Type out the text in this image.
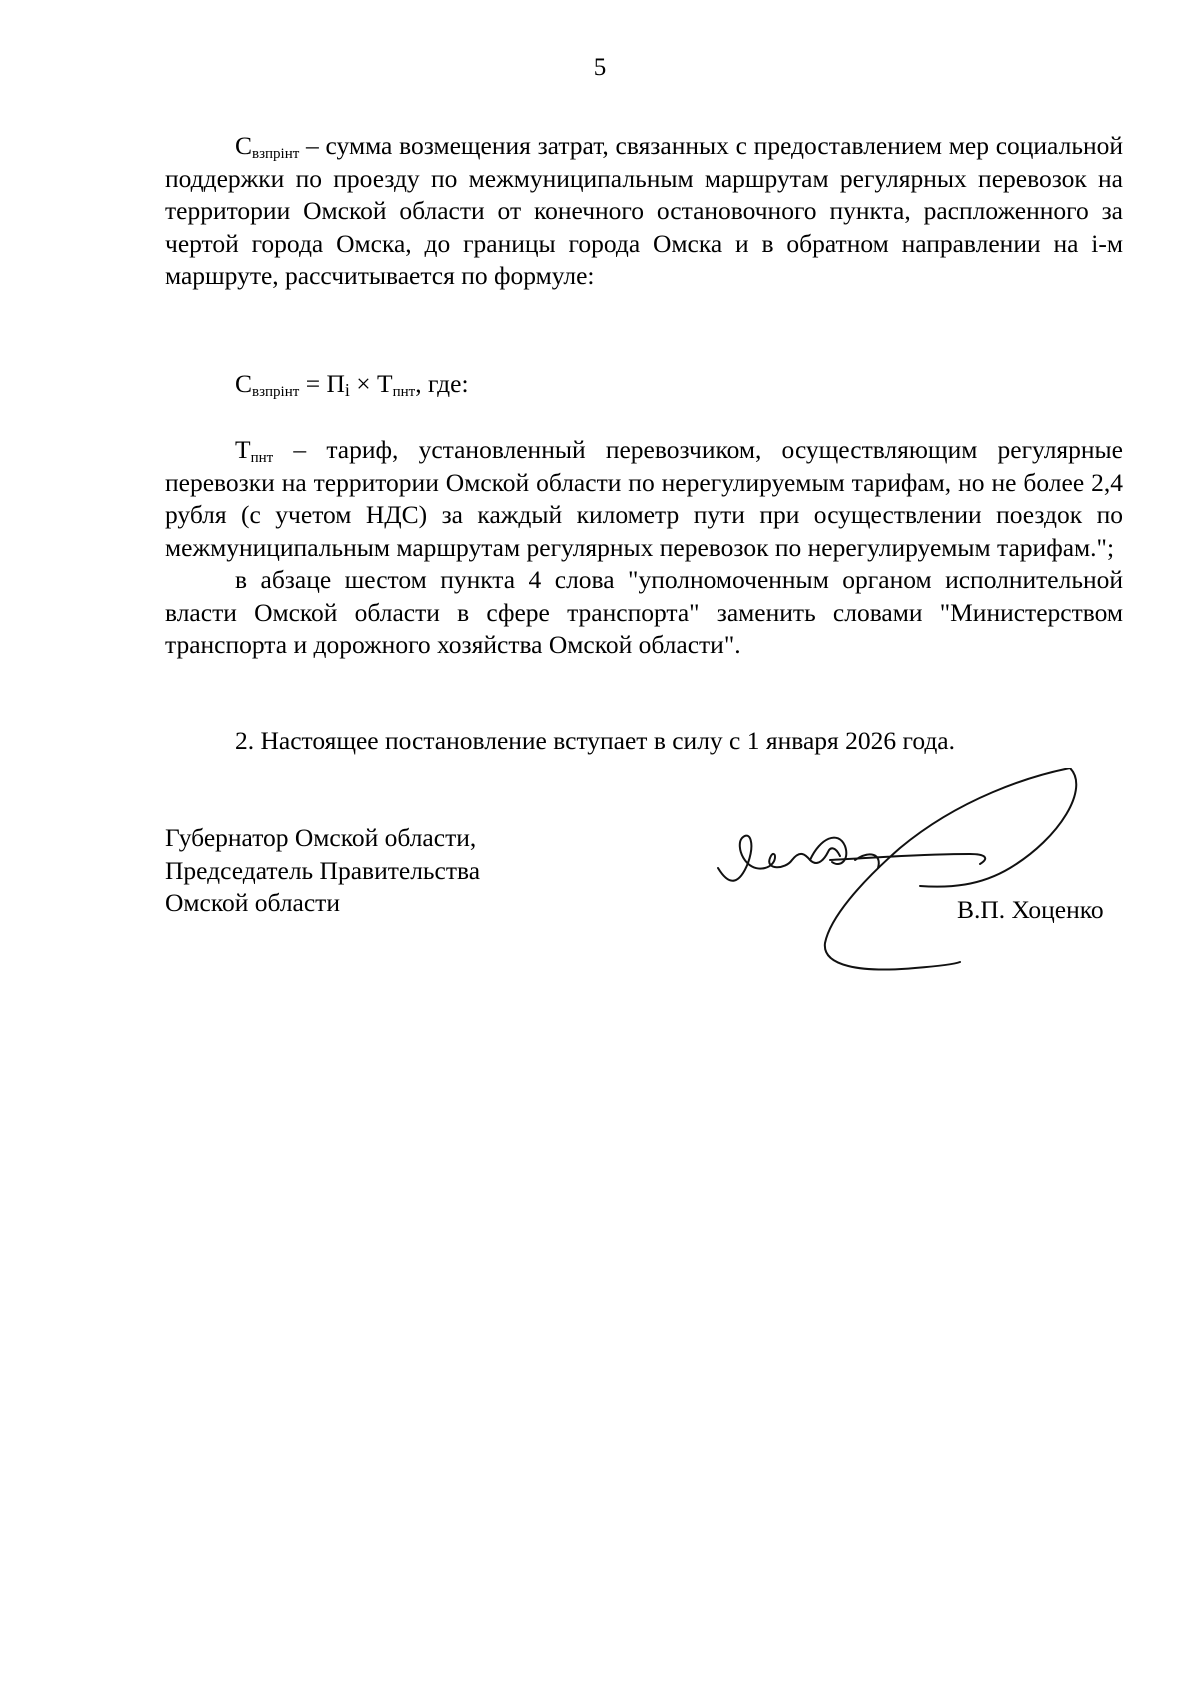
5

$С_{взпрінт}$ – сумма возмещения затрат, связанных с предоставлением мер социальной поддержки по проезду по межмуниципальным маршрутам регулярных перевозок на территории Омской области от конечного остановочного пункта, распложенного за чертой города Омска, до границы города Омска и в обратном направлении на і-м маршруте, рассчитывается по формуле:

$С_{взпрінт} = П_i \times Т_{пнт}$, где:

$Т_{пнт}$ – тариф, установленный перевозчиком, осуществляющим регулярные перевозки на территории Омской области по нерегулируемым тарифам, но не более 2,4 рубля (с учетом НДС) за каждый километр пути при осуществлении поездок по межмуниципальным маршрутам регулярных перевозок по нерегулируемым тарифам.";

в абзаце шестом пункта 4 слова "уполномоченным органом исполнительной власти Омской области в сфере транспорта" заменить словами "Министерством транспорта и дорожного хозяйства Омской области".

2. Настоящее постановление вступает в силу с 1 января 2026 года.

Губернатор Омской области,
Председатель Правительства
Омской области	В.П. Хоценко
